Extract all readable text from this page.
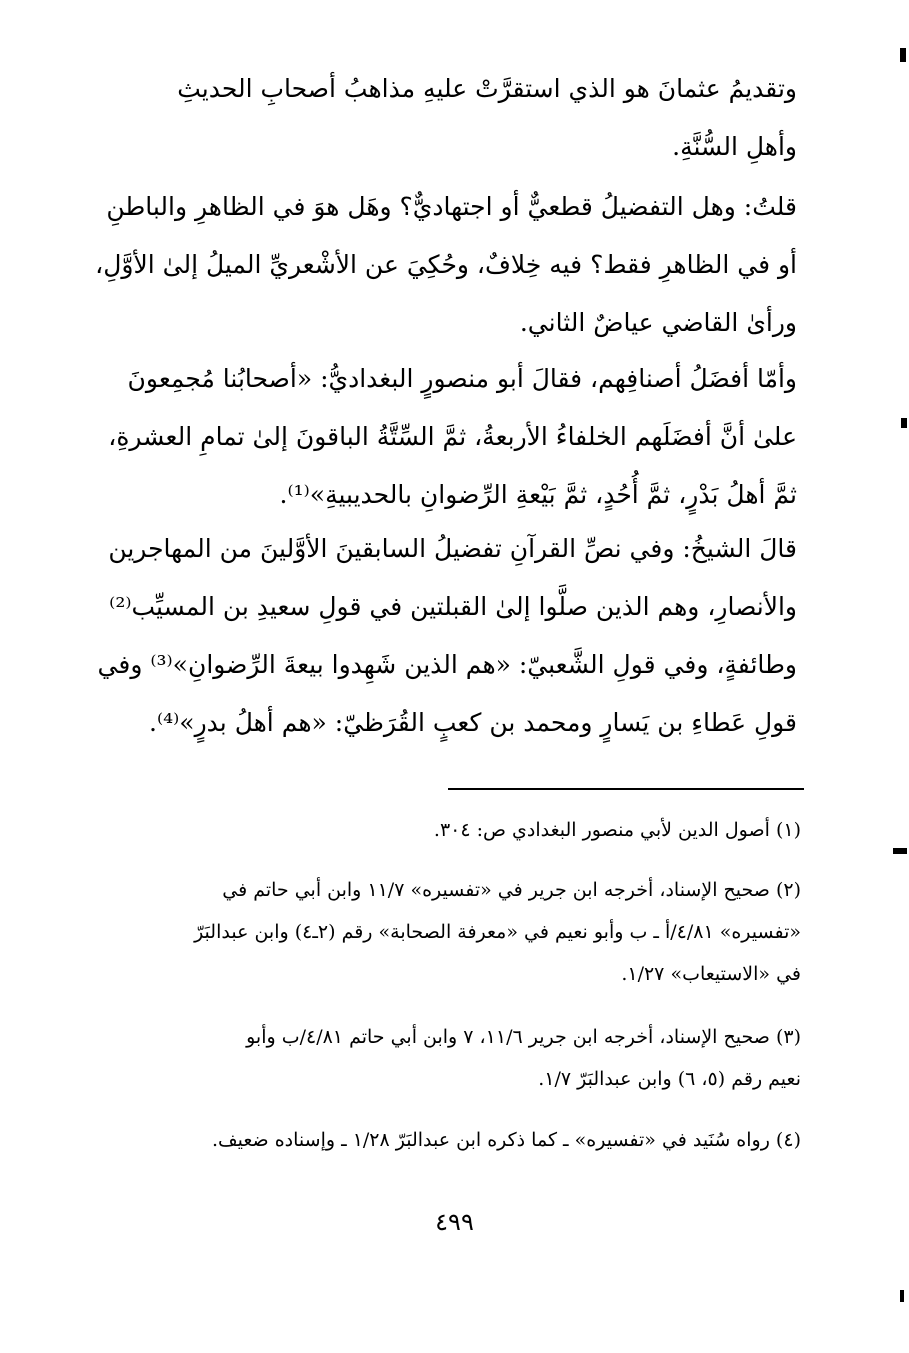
وتقديمُ عثمانَ هو الذي استقرَّتْ عليهِ مذاهبُ أصحابِ الحديثِ
وأهلِ السُّنَّةِ.
قلتُ: وهل التفضيلُ قطعيٌّ أو اجتهاديٌّ؟ وهَل هوَ في الظاهرِ والباطنِ
أو في الظاهرِ فقط؟ فيه خِلافٌ، وحُكِيَ عن الأشْعريِّ الميلُ إلىٰ الأوَّلِ،
ورأىٰ القاضي عياضٌ الثاني.
وأمّا أفضَلُ أصنافِهم، فقالَ أبو منصورٍ البغداديُّ: «أصحابُنا مُجمِعونَ
علىٰ أنَّ أفضَلَهم الخلفاءُ الأربعةُ، ثمَّ السِّتَّةُ الباقونَ إلىٰ تمامِ العشرةِ،
ثمَّ أهلُ بَدْرٍ، ثمَّ أُحُدٍ، ثمَّ بَيْعةِ الرِّضوانِ بالحديبيةِ»⁽¹⁾.
قالَ الشيخُ: وفي نصِّ القرآنِ تفضيلُ السابقينَ الأوَّلينَ من المهاجرين
والأنصارِ، وهم الذين صلَّوا إلىٰ القبلتين في قولِ سعيدِ بن المسيِّب⁽²⁾
وطائفةٍ، وفي قولِ الشَّعبيّ: «هم الذين شَهِدوا بيعةَ الرِّضوانِ»⁽³⁾ وفي
قولِ عَطاءِ بن يَسارٍ ومحمد بن كعبٍ القُرَظيّ: «هم أهلُ بدرٍ»⁽⁴⁾.
(١) أصول الدين لأبي منصور البغدادي ص: ٣٠٤.
(٢) صحيح الإسناد، أخرجه ابن جرير في «تفسيره» ١١/٧ وابن أبي حاتم في
«تفسيره» ٤/٨١/أ ـ ب وأبو نعيم في «معرفة الصحابة» رقم (٢ـ٤) وابن عبدالبَرّ
في «الاستيعاب» ١/٢٧.
(٣) صحيح الإسناد، أخرجه ابن جرير ١١/٦، ٧ وابن أبي حاتم ٤/٨١/ب وأبو
نعيم رقم (٥، ٦) وابن عبدالبَرّ ١/٧.
(٤) رواه سُنَيد في «تفسيره» ـ كما ذكره ابن عبدالبَرّ ١/٢٨ ـ وإسناده ضعيف.
٤٩٩
